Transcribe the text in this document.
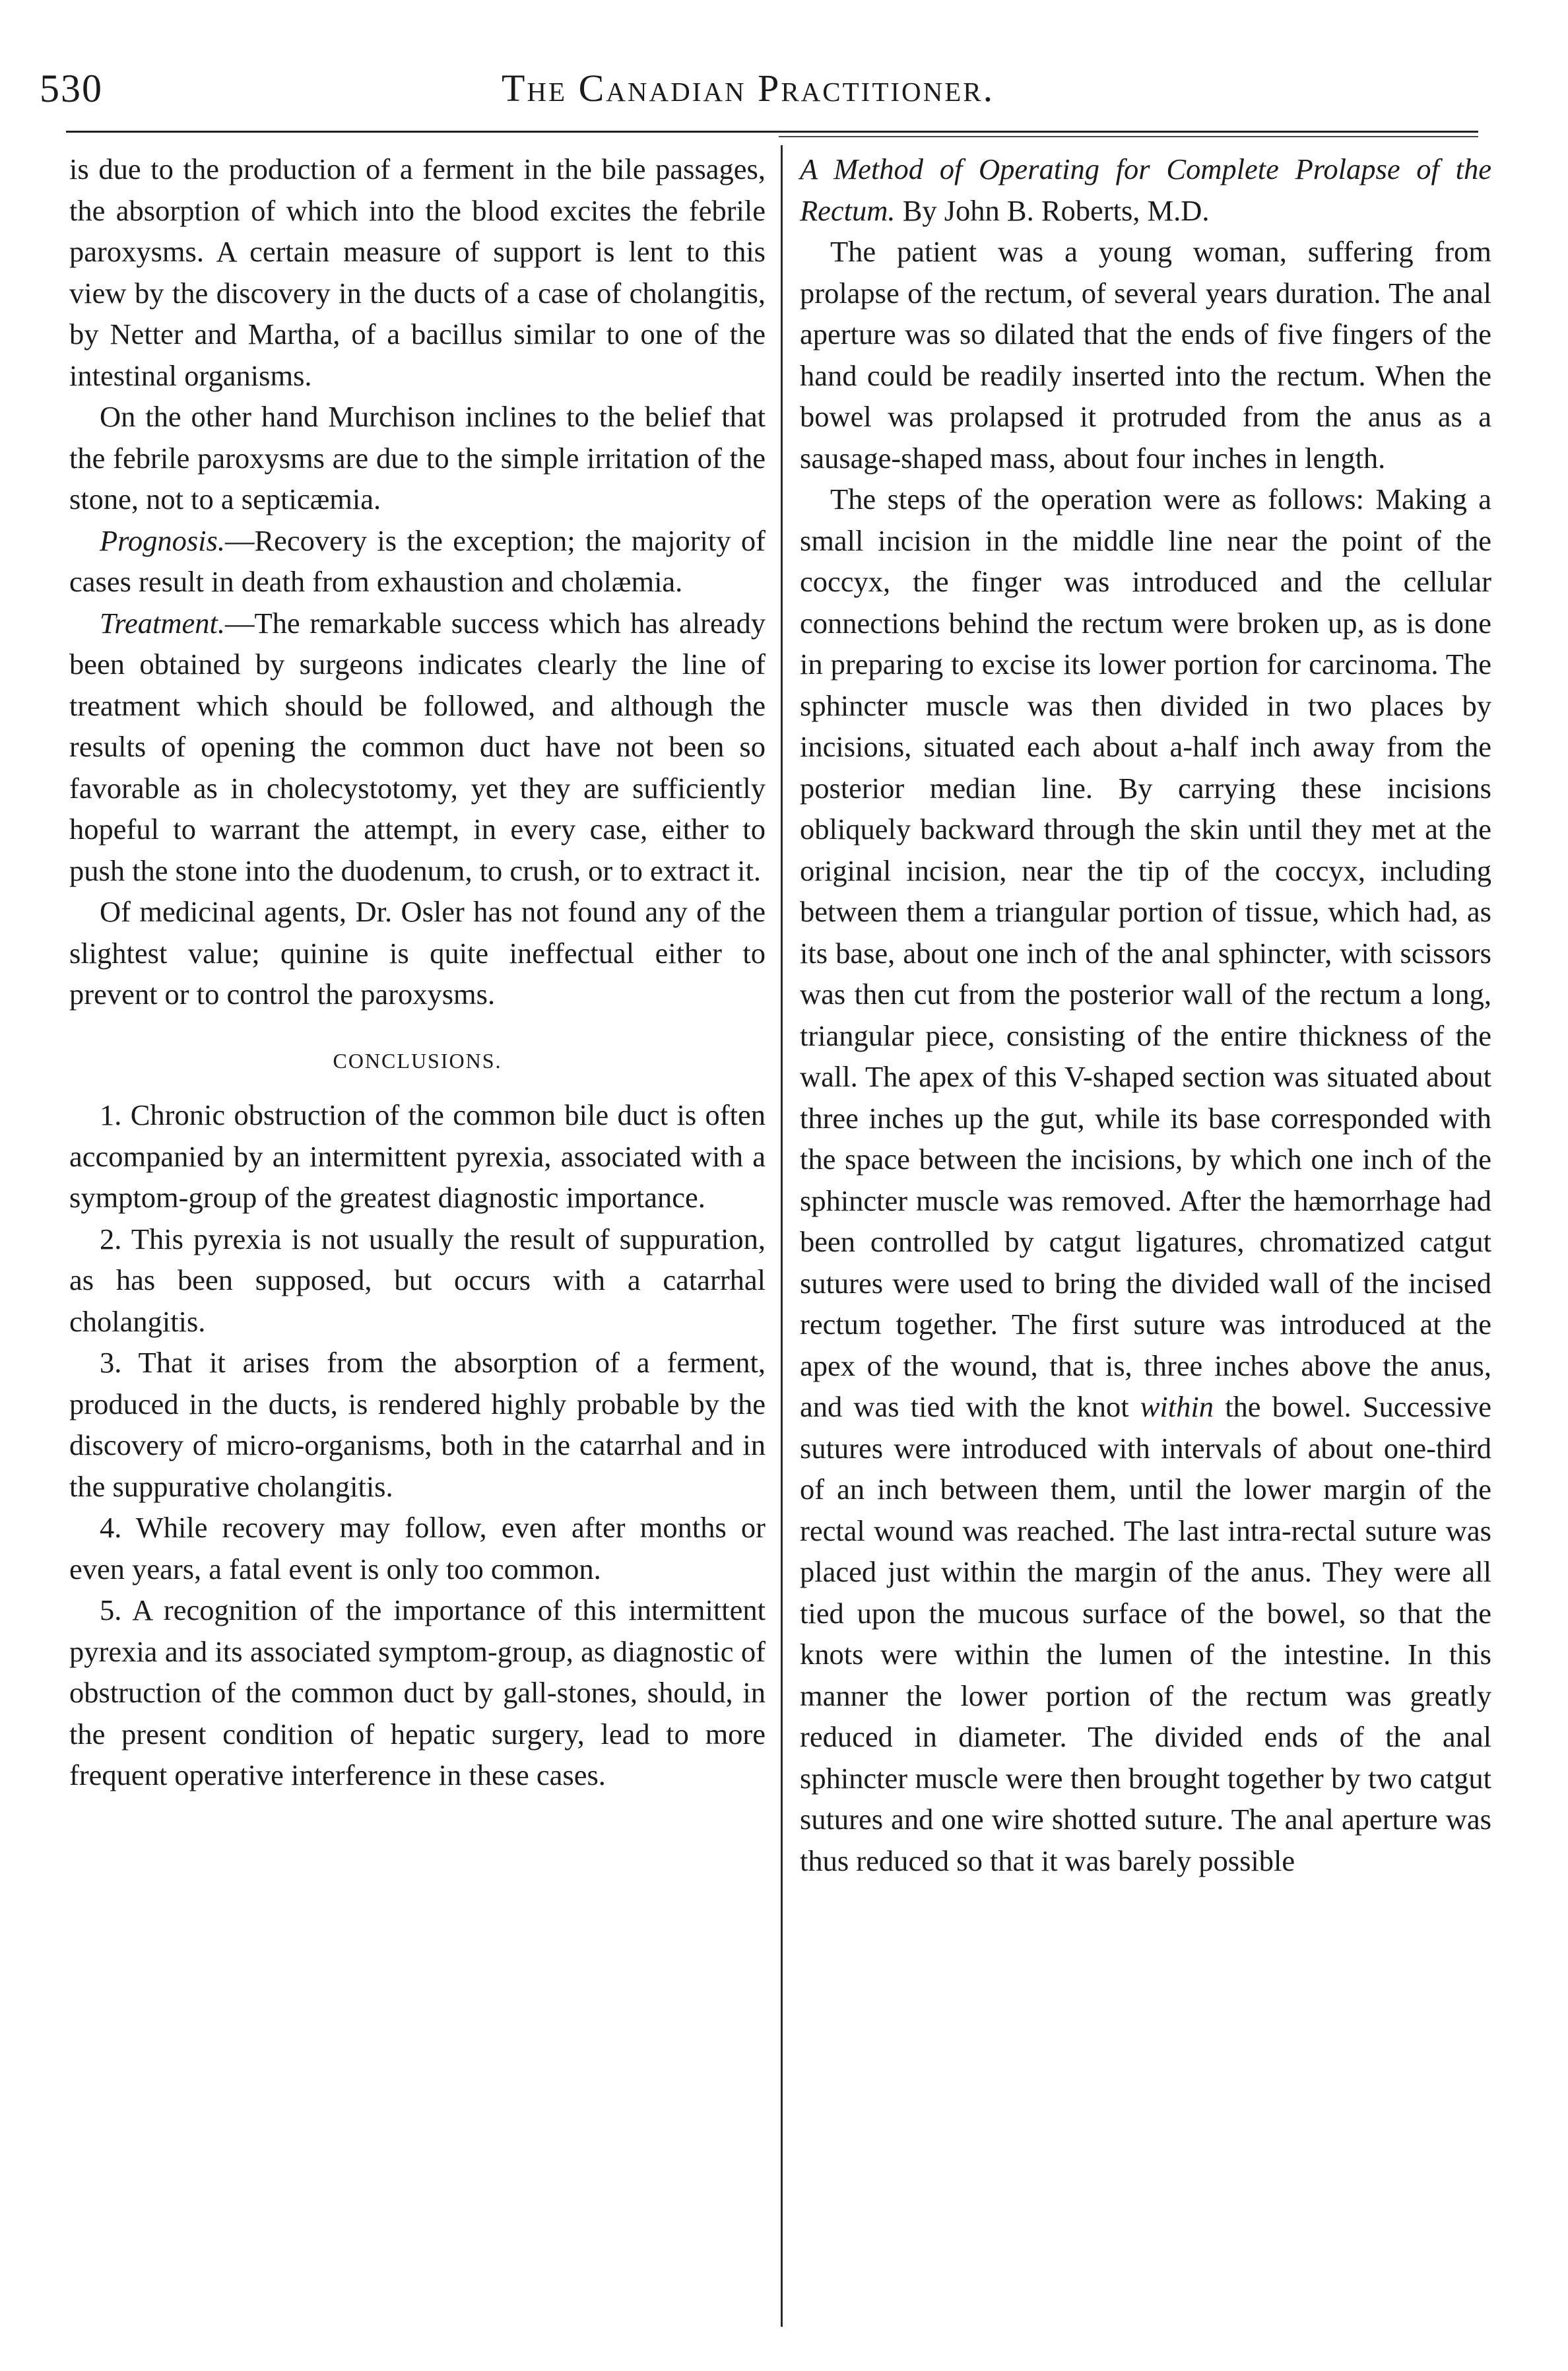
530	The Canadian Practitioner.

is due to the production of a ferment in the bile passages, the absorption of which into the blood excites the febrile paroxysms. A certain measure of support is lent to this view by the discovery in the ducts of a case of cholangitis, by Netter and Martha, of a bacillus similar to one of the intestinal organisms.

On the other hand Murchison inclines to the belief that the febrile paroxysms are due to the simple irritation of the stone, not to a septicæmia.

Prognosis.—Recovery is the exception; the majority of cases result in death from exhaustion and cholæmia.

Treatment.—The remarkable success which has already been obtained by surgeons indicates clearly the line of treatment which should be followed, and although the results of opening the common duct have not been so favorable as in cholecystotomy, yet they are sufficiently hopeful to warrant the attempt, in every case, either to push the stone into the duodenum, to crush, or to extract it.

Of medicinal agents, Dr. Osler has not found any of the slightest value; quinine is quite ineffectual either to prevent or to control the paroxysms.

CONCLUSIONS.

1. Chronic obstruction of the common bile duct is often accompanied by an intermittent pyrexia, associated with a symptom-group of the greatest diagnostic importance.

2. This pyrexia is not usually the result of suppuration, as has been supposed, but occurs with a catarrhal cholangitis.

3. That it arises from the absorption of a ferment, produced in the ducts, is rendered highly probable by the discovery of micro-organisms, both in the catarrhal and in the suppurative cholangitis.

4. While recovery may follow, even after months or even years, a fatal event is only too common.

5. A recognition of the importance of this intermittent pyrexia and its associated symptom-group, as diagnostic of obstruction of the common duct by gall-stones, should, in the present condition of hepatic surgery, lead to more frequent operative interference in these cases.

A Method of Operating for Complete Prolapse of the Rectum. By John B. Roberts, M.D.

The patient was a young woman, suffering from prolapse of the rectum, of several years duration. The anal aperture was so dilated that the ends of five fingers of the hand could be readily inserted into the rectum. When the bowel was prolapsed it protruded from the anus as a sausage-shaped mass, about four inches in length.

The steps of the operation were as follows: Making a small incision in the middle line near the point of the coccyx, the finger was introduced and the cellular connections behind the rectum were broken up, as is done in preparing to excise its lower portion for carcinoma. The sphincter muscle was then divided in two places by incisions, situated each about a-half inch away from the posterior median line. By carrying these incisions obliquely backward through the skin until they met at the original incision, near the tip of the coccyx, including between them a triangular portion of tissue, which had, as its base, about one inch of the anal sphincter, with scissors was then cut from the posterior wall of the rectum a long, triangular piece, consisting of the entire thickness of the wall. The apex of this V-shaped section was situated about three inches up the gut, while its base corresponded with the space between the incisions, by which one inch of the sphincter muscle was removed. After the hæmorrhage had been controlled by catgut ligatures, chromatized catgut sutures were used to bring the divided wall of the incised rectum together. The first suture was introduced at the apex of the wound, that is, three inches above the anus, and was tied with the knot within the bowel. Successive sutures were introduced with intervals of about one-third of an inch between them, until the lower margin of the rectal wound was reached. The last intra-rectal suture was placed just within the margin of the anus. They were all tied upon the mucous surface of the bowel, so that the knots were within the lumen of the intestine. In this manner the lower portion of the rectum was greatly reduced in diameter. The divided ends of the anal sphincter muscle were then brought together by two catgut sutures and one wire shotted suture. The anal aperture was thus reduced so that it was barely possible
